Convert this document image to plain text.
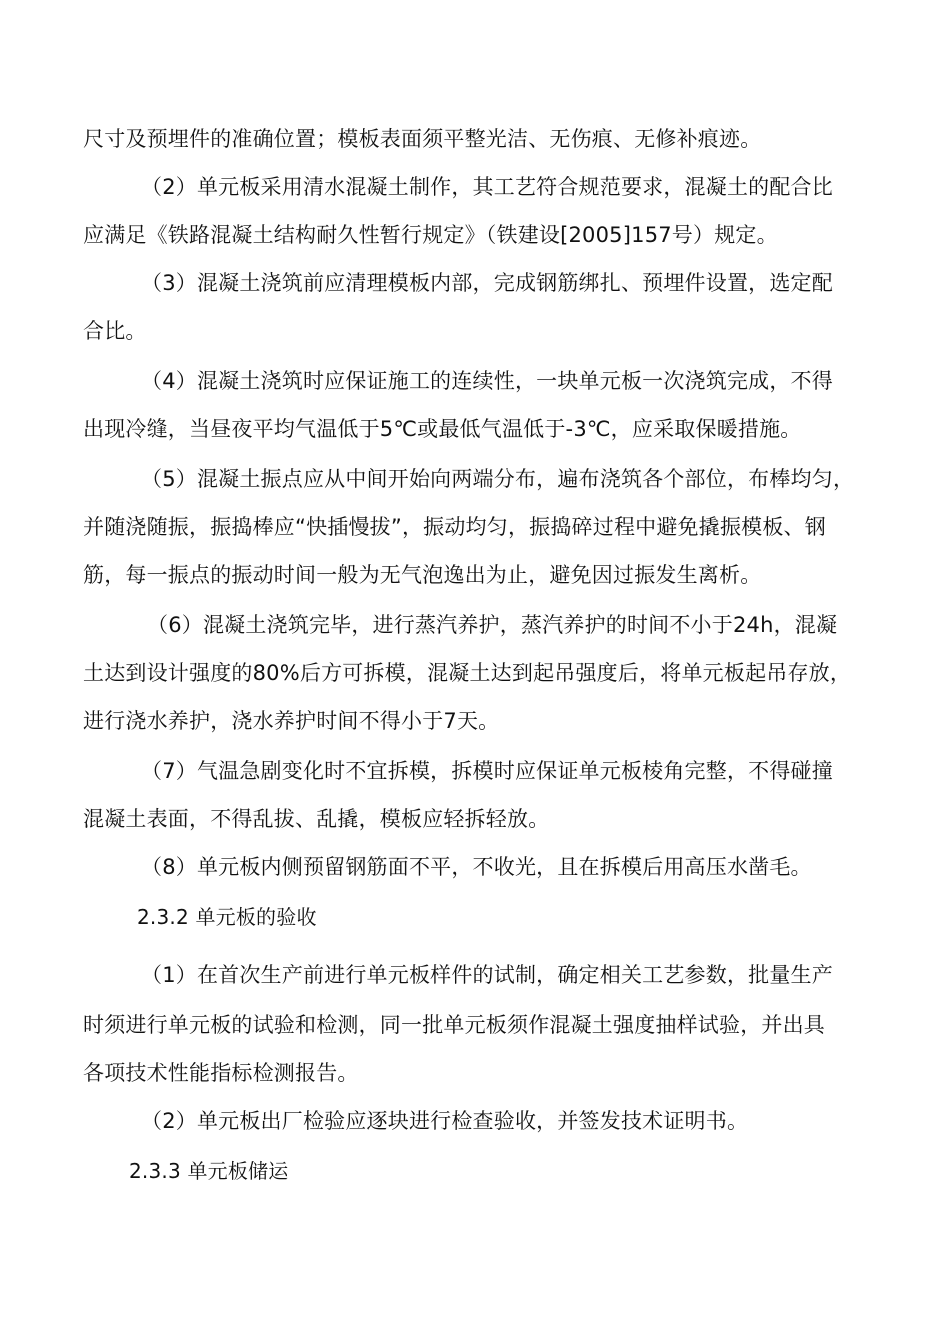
尺寸及预埋件的准确位置；模板表面须平整光洁、无伤痕、无修补痕迹。
（2）单元板采用清水混凝土制作，其工艺符合规范要求，混凝土的配合比
应满足《铁路混凝土结构耐久性暂行规定》（铁建设[2005]157号）规定。
（3）混凝土浇筑前应清理模板内部，完成钢筋绑扎、预埋件设置，选定配
合比。
（4）混凝土浇筑时应保证施工的连续性，一块单元板一次浇筑完成，不得
出现冷缝，当昼夜平均气温低于5℃或最低气温低于-3℃，应采取保暖措施。
（5）混凝土振点应从中间开始向两端分布，遍布浇筑各个部位，布棒均匀，
并随浇随振，振捣棒应“快插慢拔”，振动均匀，振捣碎过程中避免撬振模板、钢
筋，每一振点的振动时间一般为无气泡逸出为止，避免因过振发生离析。
（6）混凝土浇筑完毕，进行蒸汽养护，蒸汽养护的时间不小于24h，混凝
土达到设计强度的80%后方可拆模，混凝土达到起吊强度后，将单元板起吊存放，
进行浇水养护，浇水养护时间不得小于7天。
（7）气温急剧变化时不宜拆模，拆模时应保证单元板棱角完整，不得碰撞
混凝土表面，不得乱拔、乱撬，模板应轻拆轻放。
（8）单元板内侧预留钢筋面不平，不收光，且在拆模后用高压水凿毛。
2.3.2 单元板的验收
（1）在首次生产前进行单元板样件的试制，确定相关工艺参数，批量生产
时须进行单元板的试验和检测，同一批单元板须作混凝土强度抽样试验，并出具
各项技术性能指标检测报告。
（2）单元板出厂检验应逐块进行检查验收，并签发技术证明书。
2.3.3 单元板储运
